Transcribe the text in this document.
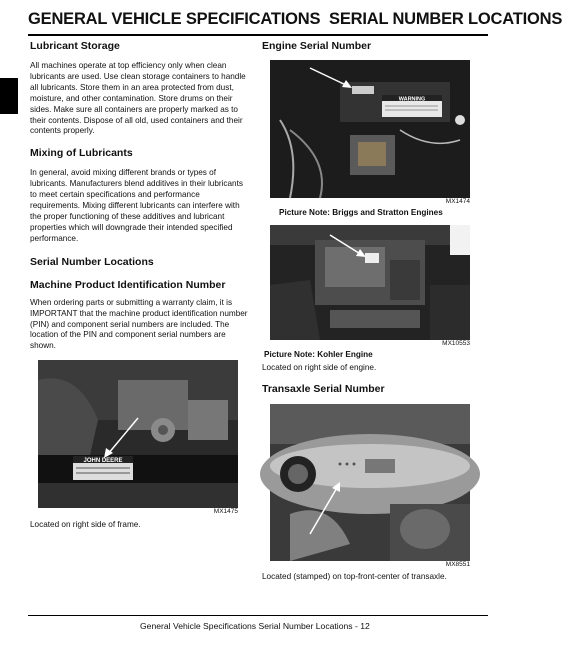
GENERAL VEHICLE SPECIFICATIONS SERIAL NUMBER LOCATIONS

Lubricant Storage

All machines operate at top efficiency only when clean lubricants are used. Use clean storage containers to handle all lubricants. Store them in an area protected from dust, moisture, and other contamination. Store drums on their sides. Make sure all containers are properly marked as to their contents. Dispose of all old, used containers and their contents properly.

Mixing of Lubricants

In general, avoid mixing different brands or types of lubricants. Manufacturers blend additives in their lubricants to meet certain specifications and performance requirements. Mixing different lubricants can interfere with the proper functioning of these additives and lubricant properties which will downgrade their intended specified performance.

Serial Number Locations

Machine Product Identification Number

When ordering parts or submitting a warranty claim, it is IMPORTANT that the machine product identification number (PIN) and component serial numbers are included. The location of the PIN and component serial numbers are shown.

JOHN DEERE
MX1475

Located on right side of frame.

Engine Serial Number

WARNING
MX1474

Picture Note: Briggs and Stratton Engines

MX10553

Picture Note: Kohler Engine

Located on right side of engine.

Transaxle Serial Number

MX8551

Located (stamped) on top-front-center of transaxle.

General Vehicle Specifications Serial Number Locations - 12
